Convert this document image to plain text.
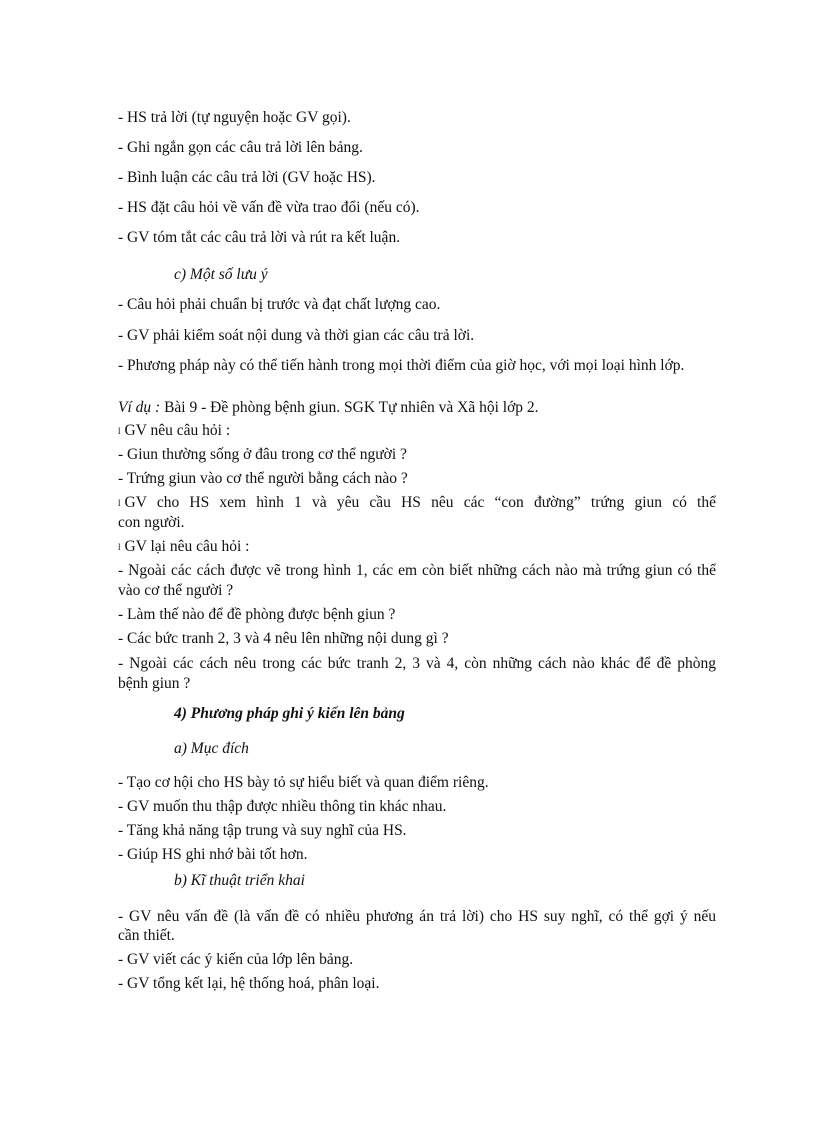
- HS trả lời (tự nguyện hoặc GV gọi).
- Ghi ngắn gọn các câu trả lời lên bảng.
- Bình luận các câu trả lời (GV hoặc HS).
- HS đặt câu hỏi về vấn đề vừa trao đổi (nếu có).
- GV tóm tắt các câu trả lời và rút ra kết luận.
c) Một số lưu ý
- Câu hỏi phải chuẩn bị trước và đạt chất lượng cao.
- GV phải kiểm soát nội dung và thời gian các câu trả lời.
- Phương pháp này có thể tiến hành trong mọi thời điểm của giờ học, với mọi loại hình lớp.
Ví dụ : Bài 9 - Đề phòng bệnh giun. SGK Tự nhiên và Xã hội lớp 2.
l GV nêu câu hỏi :
- Giun thường sống ở đâu trong cơ thể người ?
- Trứng giun vào cơ thể người bằng cách nào ?
l GV cho HS xem hình 1 và yêu cầu HS nêu các “con đường” trứng giun có thể
con người.
l GV lại nêu câu hỏi :
- Ngoài các cách được vẽ trong hình 1, các em còn biết những cách nào mà trứng giun có thể
vào cơ thể người ?
- Làm thế nào để đề phòng được bệnh giun ?
- Các bức tranh 2, 3 và 4 nêu lên những nội dung gì ?
- Ngoài các cách nêu trong các bức tranh 2, 3 và 4, còn những cách nào khác để đề phòng
bệnh giun ?
4) Phương pháp ghi ý kiến lên bảng
a) Mục đích
- Tạo cơ hội cho HS bày tỏ sự hiểu biết và quan điểm riêng.
- GV muốn thu thập được nhiều thông tin khác nhau.
- Tăng khả năng tập trung và suy nghĩ của HS.
- Giúp HS ghi nhớ bài tốt hơn.
b) Kĩ thuật triển khai
- GV nêu vấn đề (là vấn đề có nhiều phương án trả lời) cho HS suy nghĩ, có thể gợi ý nếu
cần thiết.
- GV viết các ý kiến của lớp lên bảng.
- GV tổng kết lại, hệ thống hoá, phân loại.
